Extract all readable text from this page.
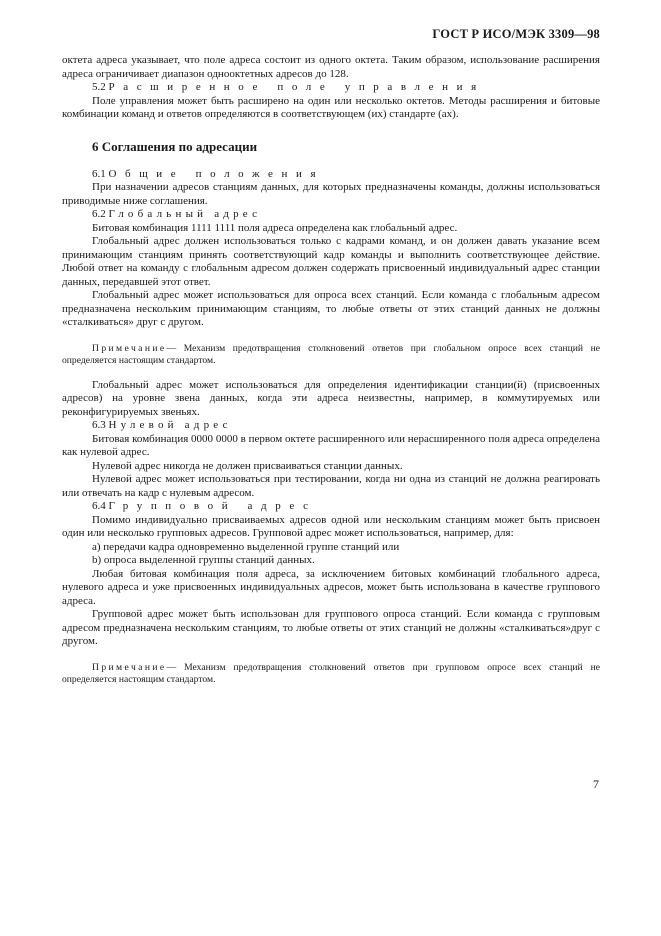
ГОСТ Р ИСО/МЭК 3309—98

октета адреса указывает, что поле адреса состоит из одного октета. Таким образом, использование расширения адреса ограничивает диапазон однооктетных адресов до 128.

5.2 Расширенное поле управления

Поле управления может быть расширено на один или несколько октетов. Методы расширения и битовые комбинации команд и ответов определяются в соответствующем (их) стандарте (ах).

6 Соглашения по адресации

6.1 Общие положения

При назначении адресов станциям данных, для которых предназначены команды, должны использоваться приводимые ниже соглашения.

6.2 Глобальный адрес

Битовая комбинация 1111 1111 поля адреса определена как глобальный адрес.

Глобальный адрес должен использоваться только с кадрами команд, и он должен давать указание всем принимающим станциям принять соответствующий кадр команды и выполнить соответствующее действие. Любой ответ на команду с глобальным адресом должен содержать присвоенный индивидуальный адрес станции данных, передавшей этот ответ.

Глобальный адрес может использоваться для опроса всех станций. Если команда с глобальным адресом предназначена нескольким принимающим станциям, то любые ответы от этих станций данных не должны «сталкиваться» друг с другом.

Примечание— Механизм предотвращения столкновений ответов при глобальном опросе всех станций не определяется настоящим стандартом.

Глобальный адрес может использоваться для определения идентификации станции(й) (присвоенных адресов) на уровне звена данных, когда эти адреса неизвестны, например, в коммутируемых или реконфигурируемых звеньях.

6.3 Нулевой адрес

Битовая комбинация 0000 0000 в первом октете расширенного или нерасширенного поля адреса определена как нулевой адрес.

Нулевой адрес никогда не должен присваиваться станции данных.

Нулевой адрес может использоваться при тестировании, когда ни одна из станций не должна реагировать или отвечать на кадр с нулевым адресом.

6.4 Групповой адрес

Помимо индивидуально присваиваемых адресов одной или нескольким станциям может быть присвоен один или несколько групповых адресов. Групповой адрес может использоваться, например, для:

a) передачи кадра одновременно выделенной группе станций или

b) опроса выделенной группы станций данных.

Любая битовая комбинация поля адреса, за исключением битовых комбинаций глобального адреса, нулевого адреса и уже присвоенных индивидуальных адресов, может быть использована в качестве группового адреса.

Групповой адрес может быть использован для группового опроса станций. Если команда с групповым адресом предназначена нескольким станциям, то любые ответы от этих станций не должны «сталкиваться»друг с другом.

Примечание— Механизм предотвращения столкновений ответов при групповом опросе всех станций не определяется настоящим стандартом.

7
